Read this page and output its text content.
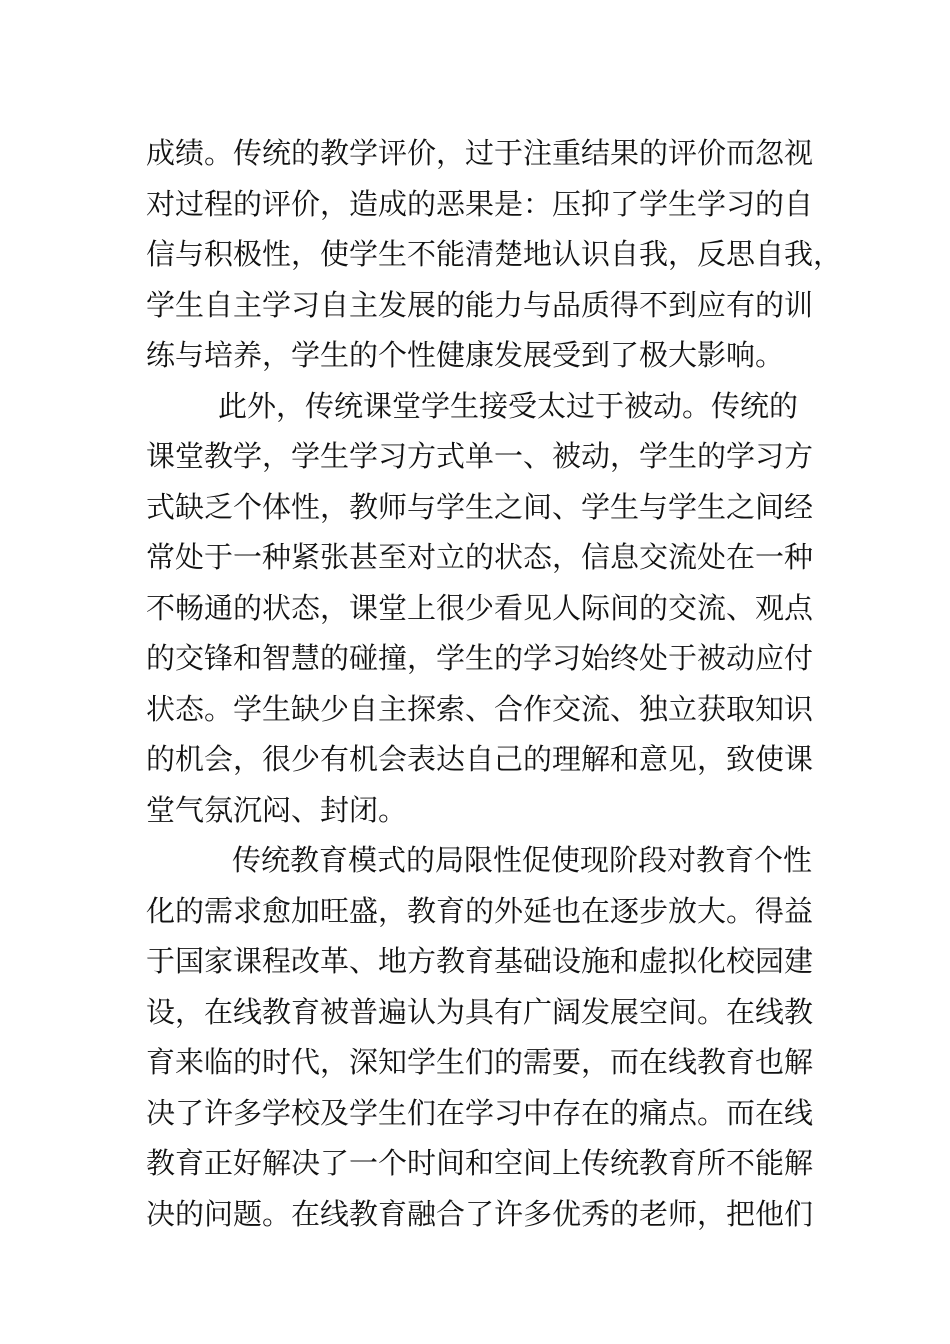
成绩。传统的教学评价，过于注重结果的评价而忽视
对过程的评价，造成的恶果是：压抑了学生学习的自
信与积极性，使学生不能清楚地认识自我，反思自我，
学生自主学习自主发展的能力与品质得不到应有的训
练与培养，学生的个性健康发展受到了极大影响。
此外，传统课堂学生接受太过于被动。传统的
课堂教学，学生学习方式单一、被动，学生的学习方
式缺乏个体性，教师与学生之间、学生与学生之间经
常处于一种紧张甚至对立的状态，信息交流处在一种
不畅通的状态，课堂上很少看见人际间的交流、观点
的交锋和智慧的碰撞，学生的学习始终处于被动应付
状态。学生缺少自主探索、合作交流、独立获取知识
的机会，很少有机会表达自己的理解和意见，致使课
堂气氛沉闷、封闭。
传统教育模式的局限性促使现阶段对教育个性
化的需求愈加旺盛，教育的外延也在逐步放大。得益
于国家课程改革、地方教育基础设施和虚拟化校园建
设，在线教育被普遍认为具有广阔发展空间。在线教
育来临的时代，深知学生们的需要，而在线教育也解
决了许多学校及学生们在学习中存在的痛点。而在线
教育正好解决了一个时间和空间上传统教育所不能解
决的问题。在线教育融合了许多优秀的老师，把他们
